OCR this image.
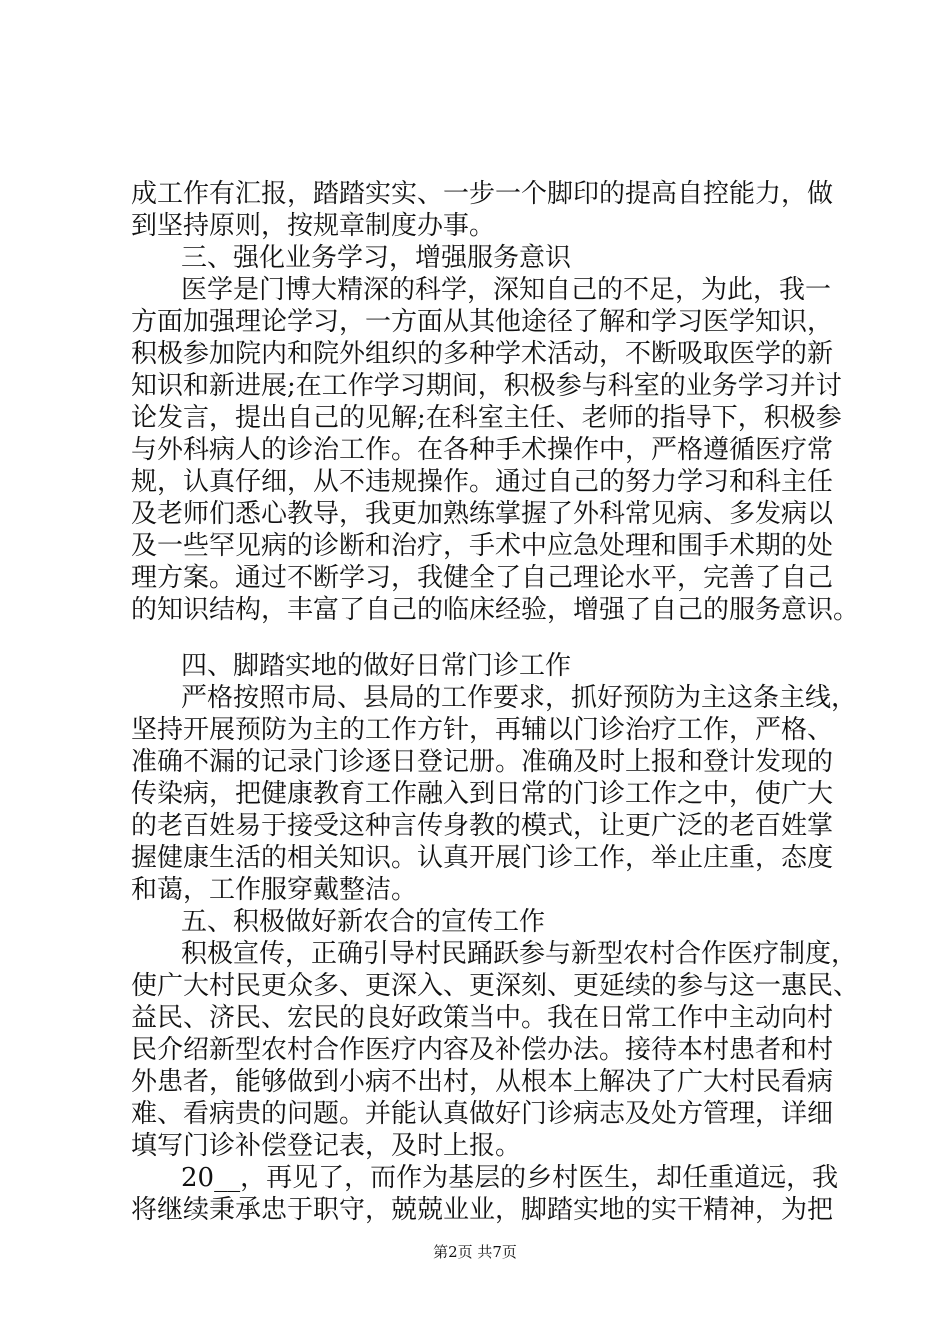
成工作有汇报，踏踏实实、一步一个脚印的提高自控能力，做
到坚持原则，按规章制度办事。
三、强化业务学习，增强服务意识
医学是门博大精深的科学，深知自己的不足，为此，我一
方面加强理论学习，一方面从其他途径了解和学习医学知识，
积极参加院内和院外组织的多种学术活动，不断吸取医学的新
知识和新进展;在工作学习期间，积极参与科室的业务学习并讨
论发言，提出自己的见解;在科室主任、老师的指导下，积极参
与外科病人的诊治工作。在各种手术操作中，严格遵循医疗常
规，认真仔细，从不违规操作。通过自己的努力学习和科主任
及老师们悉心教导，我更加熟练掌握了外科常见病、多发病以
及一些罕见病的诊断和治疗，手术中应急处理和围手术期的处
理方案。通过不断学习，我健全了自己理论水平，完善了自己
的知识结构，丰富了自己的临床经验，增强了自己的服务意识。
四、脚踏实地的做好日常门诊工作
严格按照市局、县局的工作要求，抓好预防为主这条主线，
坚持开展预防为主的工作方针，再辅以门诊治疗工作，严格、
准确不漏的记录门诊逐日登记册。准确及时上报和登计发现的
传染病，把健康教育工作融入到日常的门诊工作之中，使广大
的老百姓易于接受这种言传身教的模式，让更广泛的老百姓掌
握健康生活的相关知识。认真开展门诊工作，举止庄重，态度
和蔼，工作服穿戴整洁。
五、积极做好新农合的宣传工作
积极宣传，正确引导村民踊跃参与新型农村合作医疗制度，
使广大村民更众多、更深入、更深刻、更延续的参与这一惠民、
益民、济民、宏民的良好政策当中。我在日常工作中主动向村
民介绍新型农村合作医疗内容及补偿办法。接待本村患者和村
外患者，能够做到小病不出村，从根本上解决了广大村民看病
难、看病贵的问题。并能认真做好门诊病志及处方管理，详细
填写门诊补偿登记表，及时上报。
20__，再见了，而作为基层的乡村医生，却任重道远，我
将继续秉承忠于职守，兢兢业业，脚踏实地的实干精神，为把
第2页 共7页
